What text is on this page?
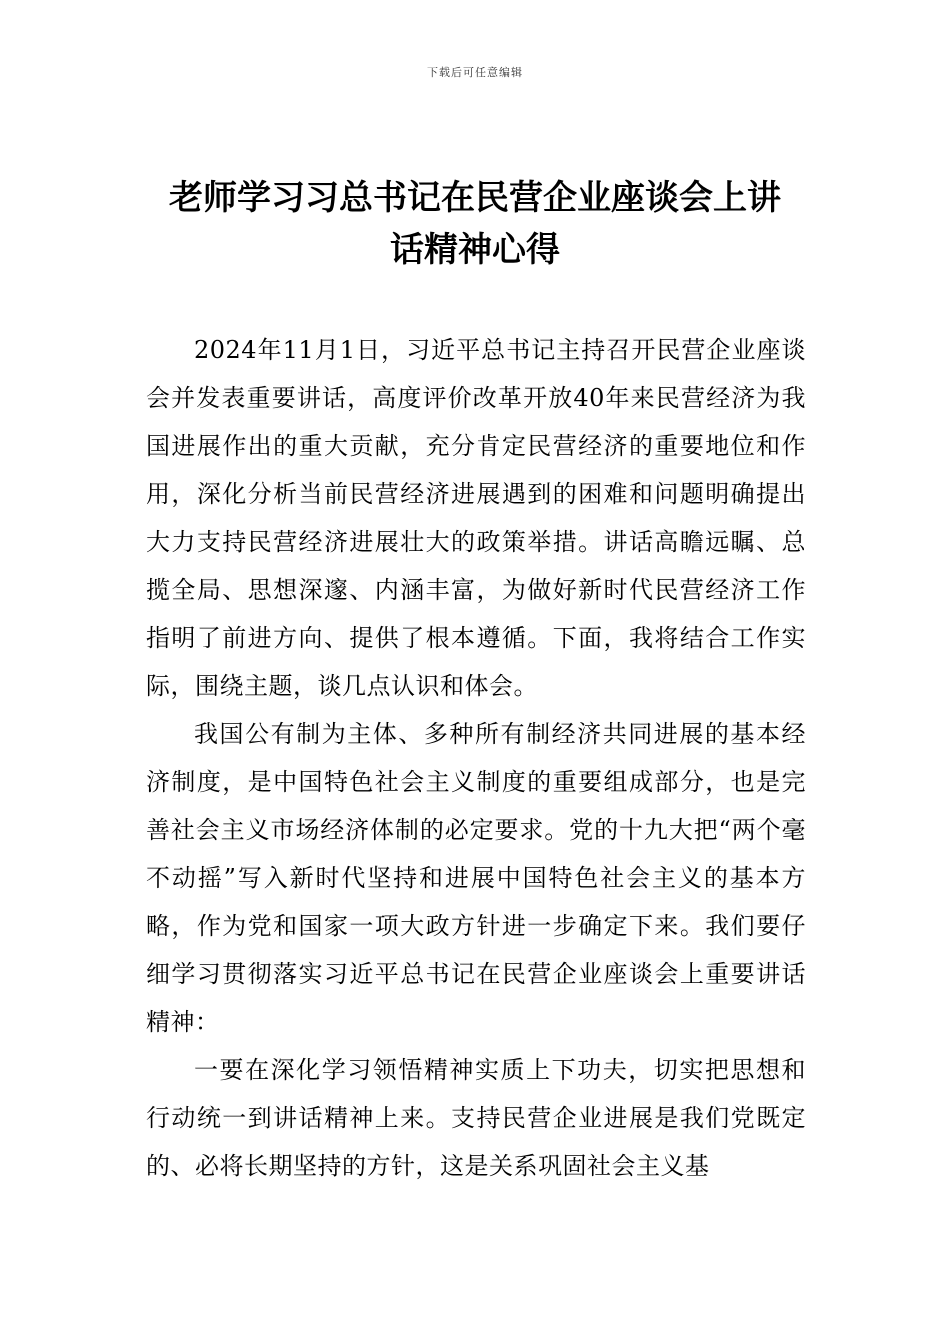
下载后可任意编辑
老师学习习总书记在民营企业座谈会上讲
话精神心得

2024年11月1日，习近平总书记主持召开民营企业座谈会并发表重要讲话，高度评价改革开放40年来民营经济为我国进展作出的重大贡献，充分肯定民营经济的重要地位和作用，深化分析当前民营经济进展遇到的困难和问题明确提出大力支持民营经济进展壮大的政策举措。讲话高瞻远瞩、总揽全局、思想深邃、内涵丰富，为做好新时代民营经济工作指明了前进方向、提供了根本遵循。下面，我将结合工作实际，围绕主题，谈几点认识和体会。

我国公有制为主体、多种所有制经济共同进展的基本经济制度，是中国特色社会主义制度的重要组成部分，也是完善社会主义市场经济体制的必定要求。党的十九大把“两个毫不动摇”写入新时代坚持和进展中国特色社会主义的基本方略，作为党和国家一项大政方针进一步确定下来。我们要仔细学习贯彻落实习近平总书记在民营企业座谈会上重要讲话精神：

一要在深化学习领悟精神实质上下功夫，切实把思想和行动统一到讲话精神上来。支持民营企业进展是我们党既定的、必将长期坚持的方针，这是关系巩固社会主义基
